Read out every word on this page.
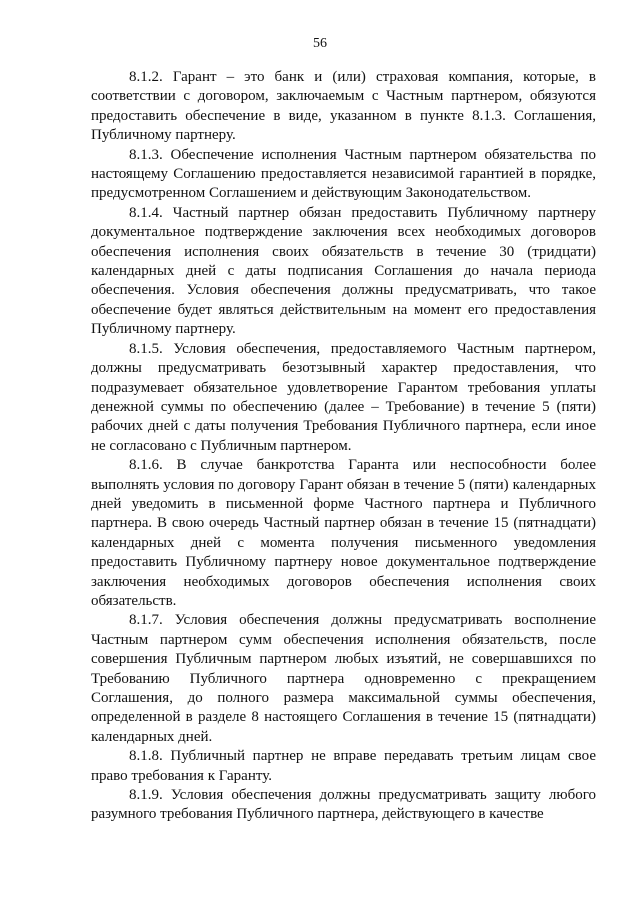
56

8.1.2. Гарант – это банк и (или) страховая компания, которые, в соответствии с договором, заключаемым с Частным партнером, обязуются предоставить обеспечение в виде, указанном в пункте 8.1.3. Соглашения, Публичному партнеру.

8.1.3. Обеспечение исполнения Частным партнером обязательства по настоящему Соглашению предоставляется независимой гарантией в порядке, предусмотренном Соглашением и действующим Законодательством.

8.1.4. Частный партнер обязан предоставить Публичному партнеру документальное подтверждение заключения всех необходимых договоров обеспечения исполнения своих обязательств в течение 30 (тридцати) календарных дней с даты подписания Соглашения до начала периода обеспечения. Условия обеспечения должны предусматривать, что такое обеспечение будет являться действительным на момент его предоставления Публичному партнеру.

8.1.5. Условия обеспечения, предоставляемого Частным партнером, должны предусматривать безотзывный характер предоставления, что подразумевает обязательное удовлетворение Гарантом требования уплаты денежной суммы по обеспечению (далее – Требование) в течение 5 (пяти) рабочих дней с даты получения Требования Публичного партнера, если иное не согласовано с Публичным партнером.

8.1.6. В случае банкротства Гаранта или неспособности более выполнять условия по договору Гарант обязан в течение 5 (пяти) календарных дней уведомить в письменной форме Частного партнера и Публичного партнера. В свою очередь Частный партнер обязан в течение 15 (пятнадцати) календарных дней с момента получения письменного уведомления предоставить Публичному партнеру новое документальное подтверждение заключения необходимых договоров обеспечения исполнения своих обязательств.

8.1.7. Условия обеспечения должны предусматривать восполнение Частным партнером сумм обеспечения исполнения обязательств, после совершения Публичным партнером любых изъятий, не совершавшихся по Требованию Публичного партнера одновременно с прекращением Соглашения, до полного размера максимальной суммы обеспечения, определенной в разделе 8 настоящего Соглашения в течение 15 (пятнадцати) календарных дней.

8.1.8. Публичный партнер не вправе передавать третьим лицам свое право требования к Гаранту.

8.1.9. Условия обеспечения должны предусматривать защиту любого разумного требования Публичного партнера, действующего в качестве
